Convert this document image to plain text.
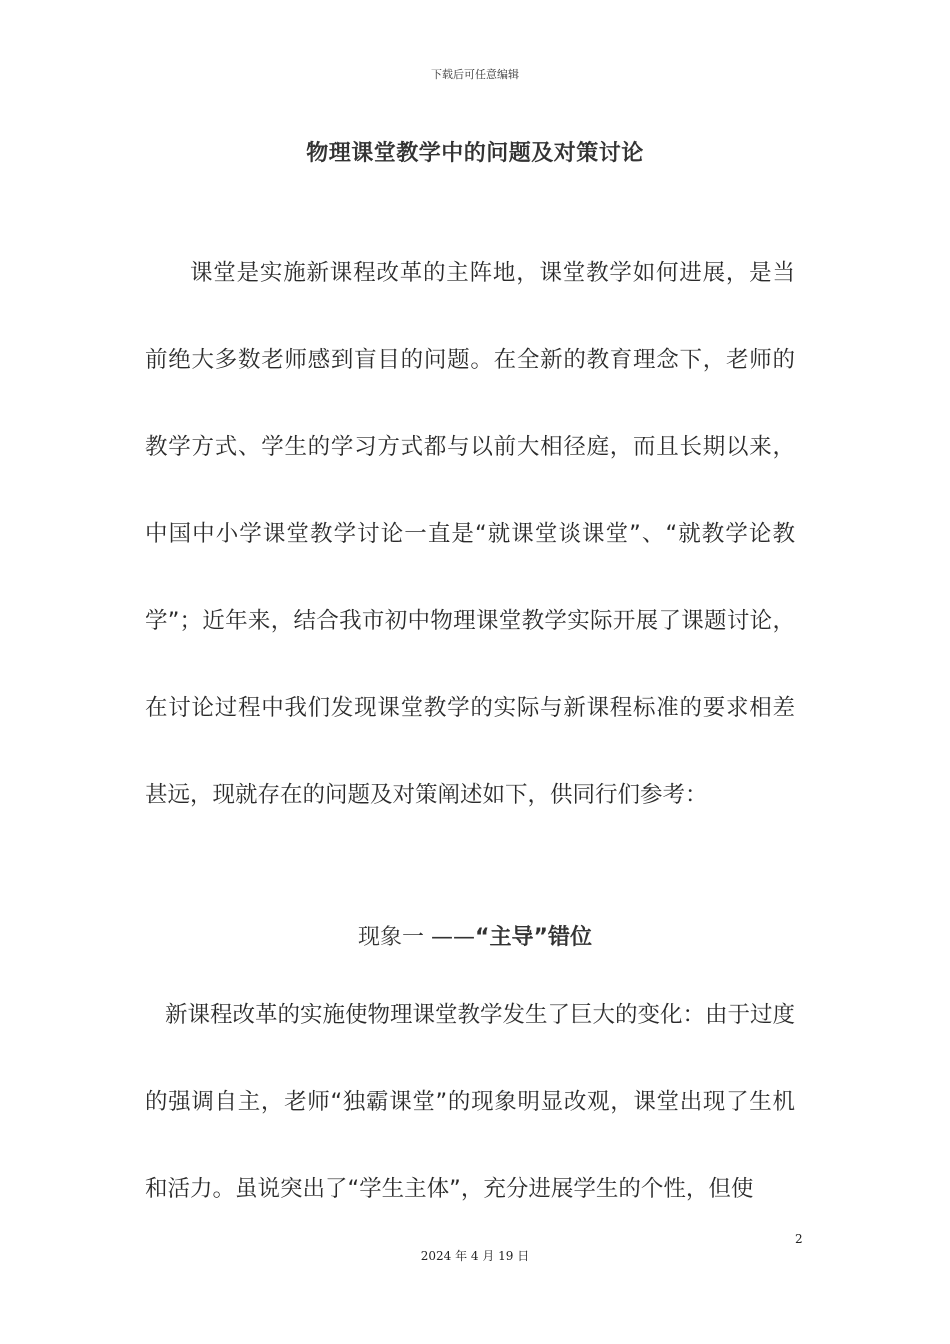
下载后可任意编辑
物理课堂教学中的问题及对策讨论

课堂是实施新课程改革的主阵地，课堂教学如何进展，是当前绝大多数老师感到盲目的问题。在全新的教育理念下，老师的教学方式、学生的学习方式都与以前大相径庭，而且长期以来，中国中小学课堂教学讨论一直是“就课堂谈课堂”、“就教学论教学”；近年来，结合我市初中物理课堂教学实际开展了课题讨论，在讨论过程中我们发现课堂教学的实际与新课程标准的要求相差甚远，现就存在的问题及对策阐述如下，供同行们参考：

现象一 ——“主导”错位

新课程改革的实施使物理课堂教学发生了巨大的变化：由于过度的强调自主，老师“独霸课堂”的现象明显改观，课堂出现了生机和活力。虽说突出了“学生主体”，充分进展学生的个性，但使

2
2024 年 4 月 19 日
